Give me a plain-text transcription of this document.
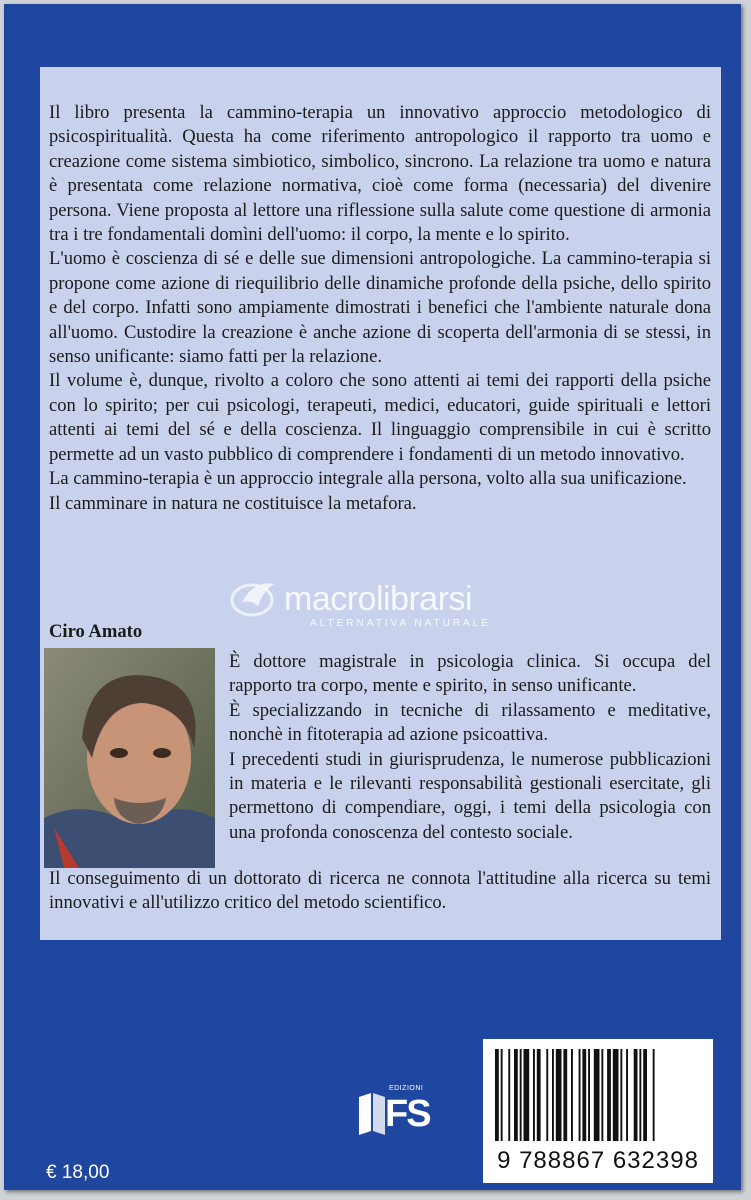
Il libro presenta la cammino-terapia un innovativo approccio metodologico di psicospiritualità. Questa ha come riferimento antropologico il rapporto tra uomo e creazione come sistema simbiotico, simbolico, sincrono. La relazione tra uomo e natura è presentata come relazione normativa, cioè come forma (necessaria) del divenire persona. Viene proposta al lettore una riflessione sulla salute come questione di armonia tra i tre fondamentali domìni dell'uomo: il corpo, la mente e lo spirito.

L'uomo è coscienza di sé e delle sue dimensioni antropologiche. La cammino-terapia si propone come azione di riequilibrio delle dinamiche profonde della psiche, dello spirito e del corpo. Infatti sono ampiamente dimostrati i benefici che l'ambiente naturale dona all'uomo. Custodire la creazione è anche azione di scoperta dell'armonia di se stessi, in senso unificante: siamo fatti per la relazione.

Il volume è, dunque, rivolto a coloro che sono attenti ai temi dei rapporti della psiche con lo spirito; per cui psicologi, terapeuti, medici, educatori, guide spirituali e lettori attenti ai temi del sé e della coscienza. Il linguaggio comprensibile in cui è scritto permette ad un vasto pubblico di comprendere i fondamenti di un metodo innovativo.

La cammino-terapia è un approccio integrale alla persona, volto alla sua unificazione.

Il camminare in natura ne costituisce la metafora.

macrolibrarsi
ALTERNATIVA NATURALE
Ciro Amato

È dottore magistrale in psicologia clinica. Si occupa del rapporto tra corpo, mente e spirito, in senso unificante.

È specializzando in tecniche di rilassamento e meditative, nonchè in fitoterapia ad azione psicoattiva.

I precedenti studi in giurisprudenza, le numerose pubblicazioni in materia e le rilevanti responsabilità gestionali esercitate, gli permettono di compendiare, oggi, i temi della psicologia con una profonda conoscenza del contesto sociale.

Il conseguimento di un dottorato di ricerca ne connota l'attitudine alla ricerca su temi innovativi e all'utilizzo critico del metodo scientifico.
EDIZIONI
FS
€ 18,00	9 788867 632398
